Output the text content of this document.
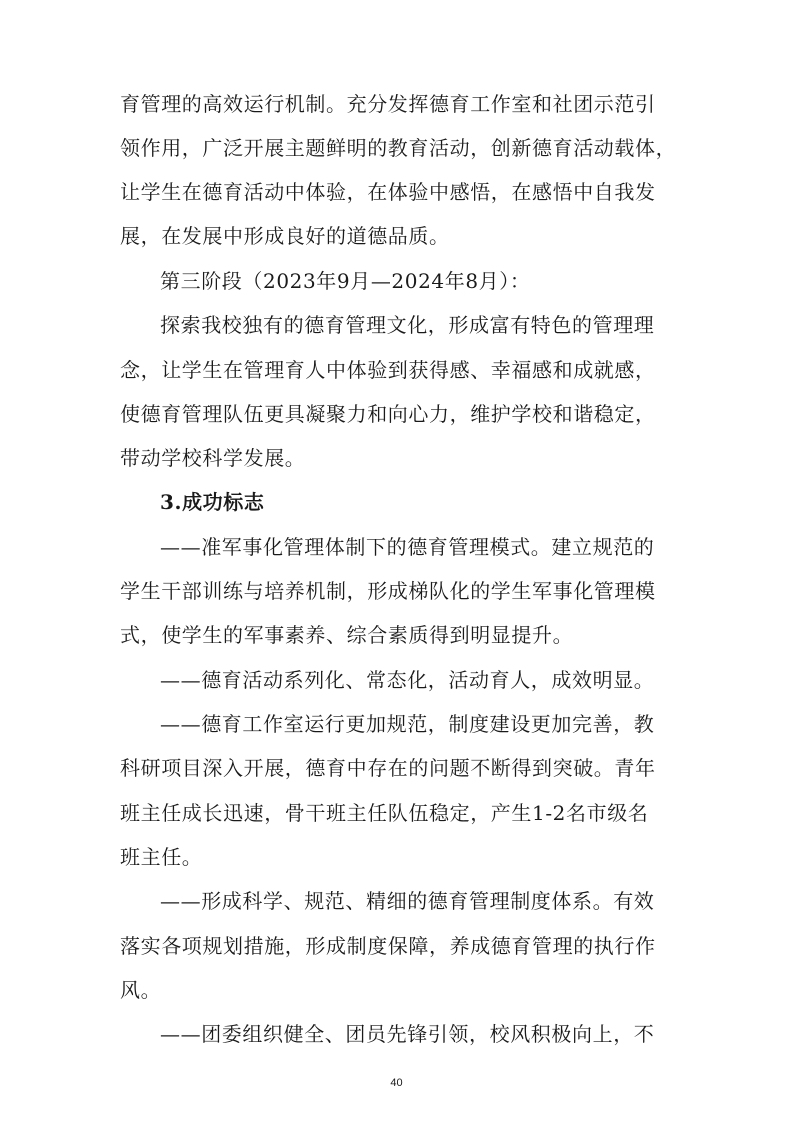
育管理的高效运行机制。充分发挥德育工作室和社团示范引
领作用，广泛开展主题鲜明的教育活动，创新德育活动载体，
让学生在德育活动中体验，在体验中感悟，在感悟中自我发
展，在发展中形成良好的道德品质。
第三阶段（2023年9月—2024年8月）：
探索我校独有的德育管理文化，形成富有特色的管理理
念，让学生在管理育人中体验到获得感、幸福感和成就感，
使德育管理队伍更具凝聚力和向心力，维护学校和谐稳定，
带动学校科学发展。
3.成功标志
——准军事化管理体制下的德育管理模式。建立规范的
学生干部训练与培养机制，形成梯队化的学生军事化管理模
式，使学生的军事素养、综合素质得到明显提升。
——德育活动系列化、常态化，活动育人，成效明显。
——德育工作室运行更加规范，制度建设更加完善，教
科研项目深入开展，德育中存在的问题不断得到突破。青年
班主任成长迅速，骨干班主任队伍稳定，产生1-2名市级名
班主任。
——形成科学、规范、精细的德育管理制度体系。有效
落实各项规划措施，形成制度保障，养成德育管理的执行作
风。
——团委组织健全、团员先锋引领，校风积极向上，不
40
